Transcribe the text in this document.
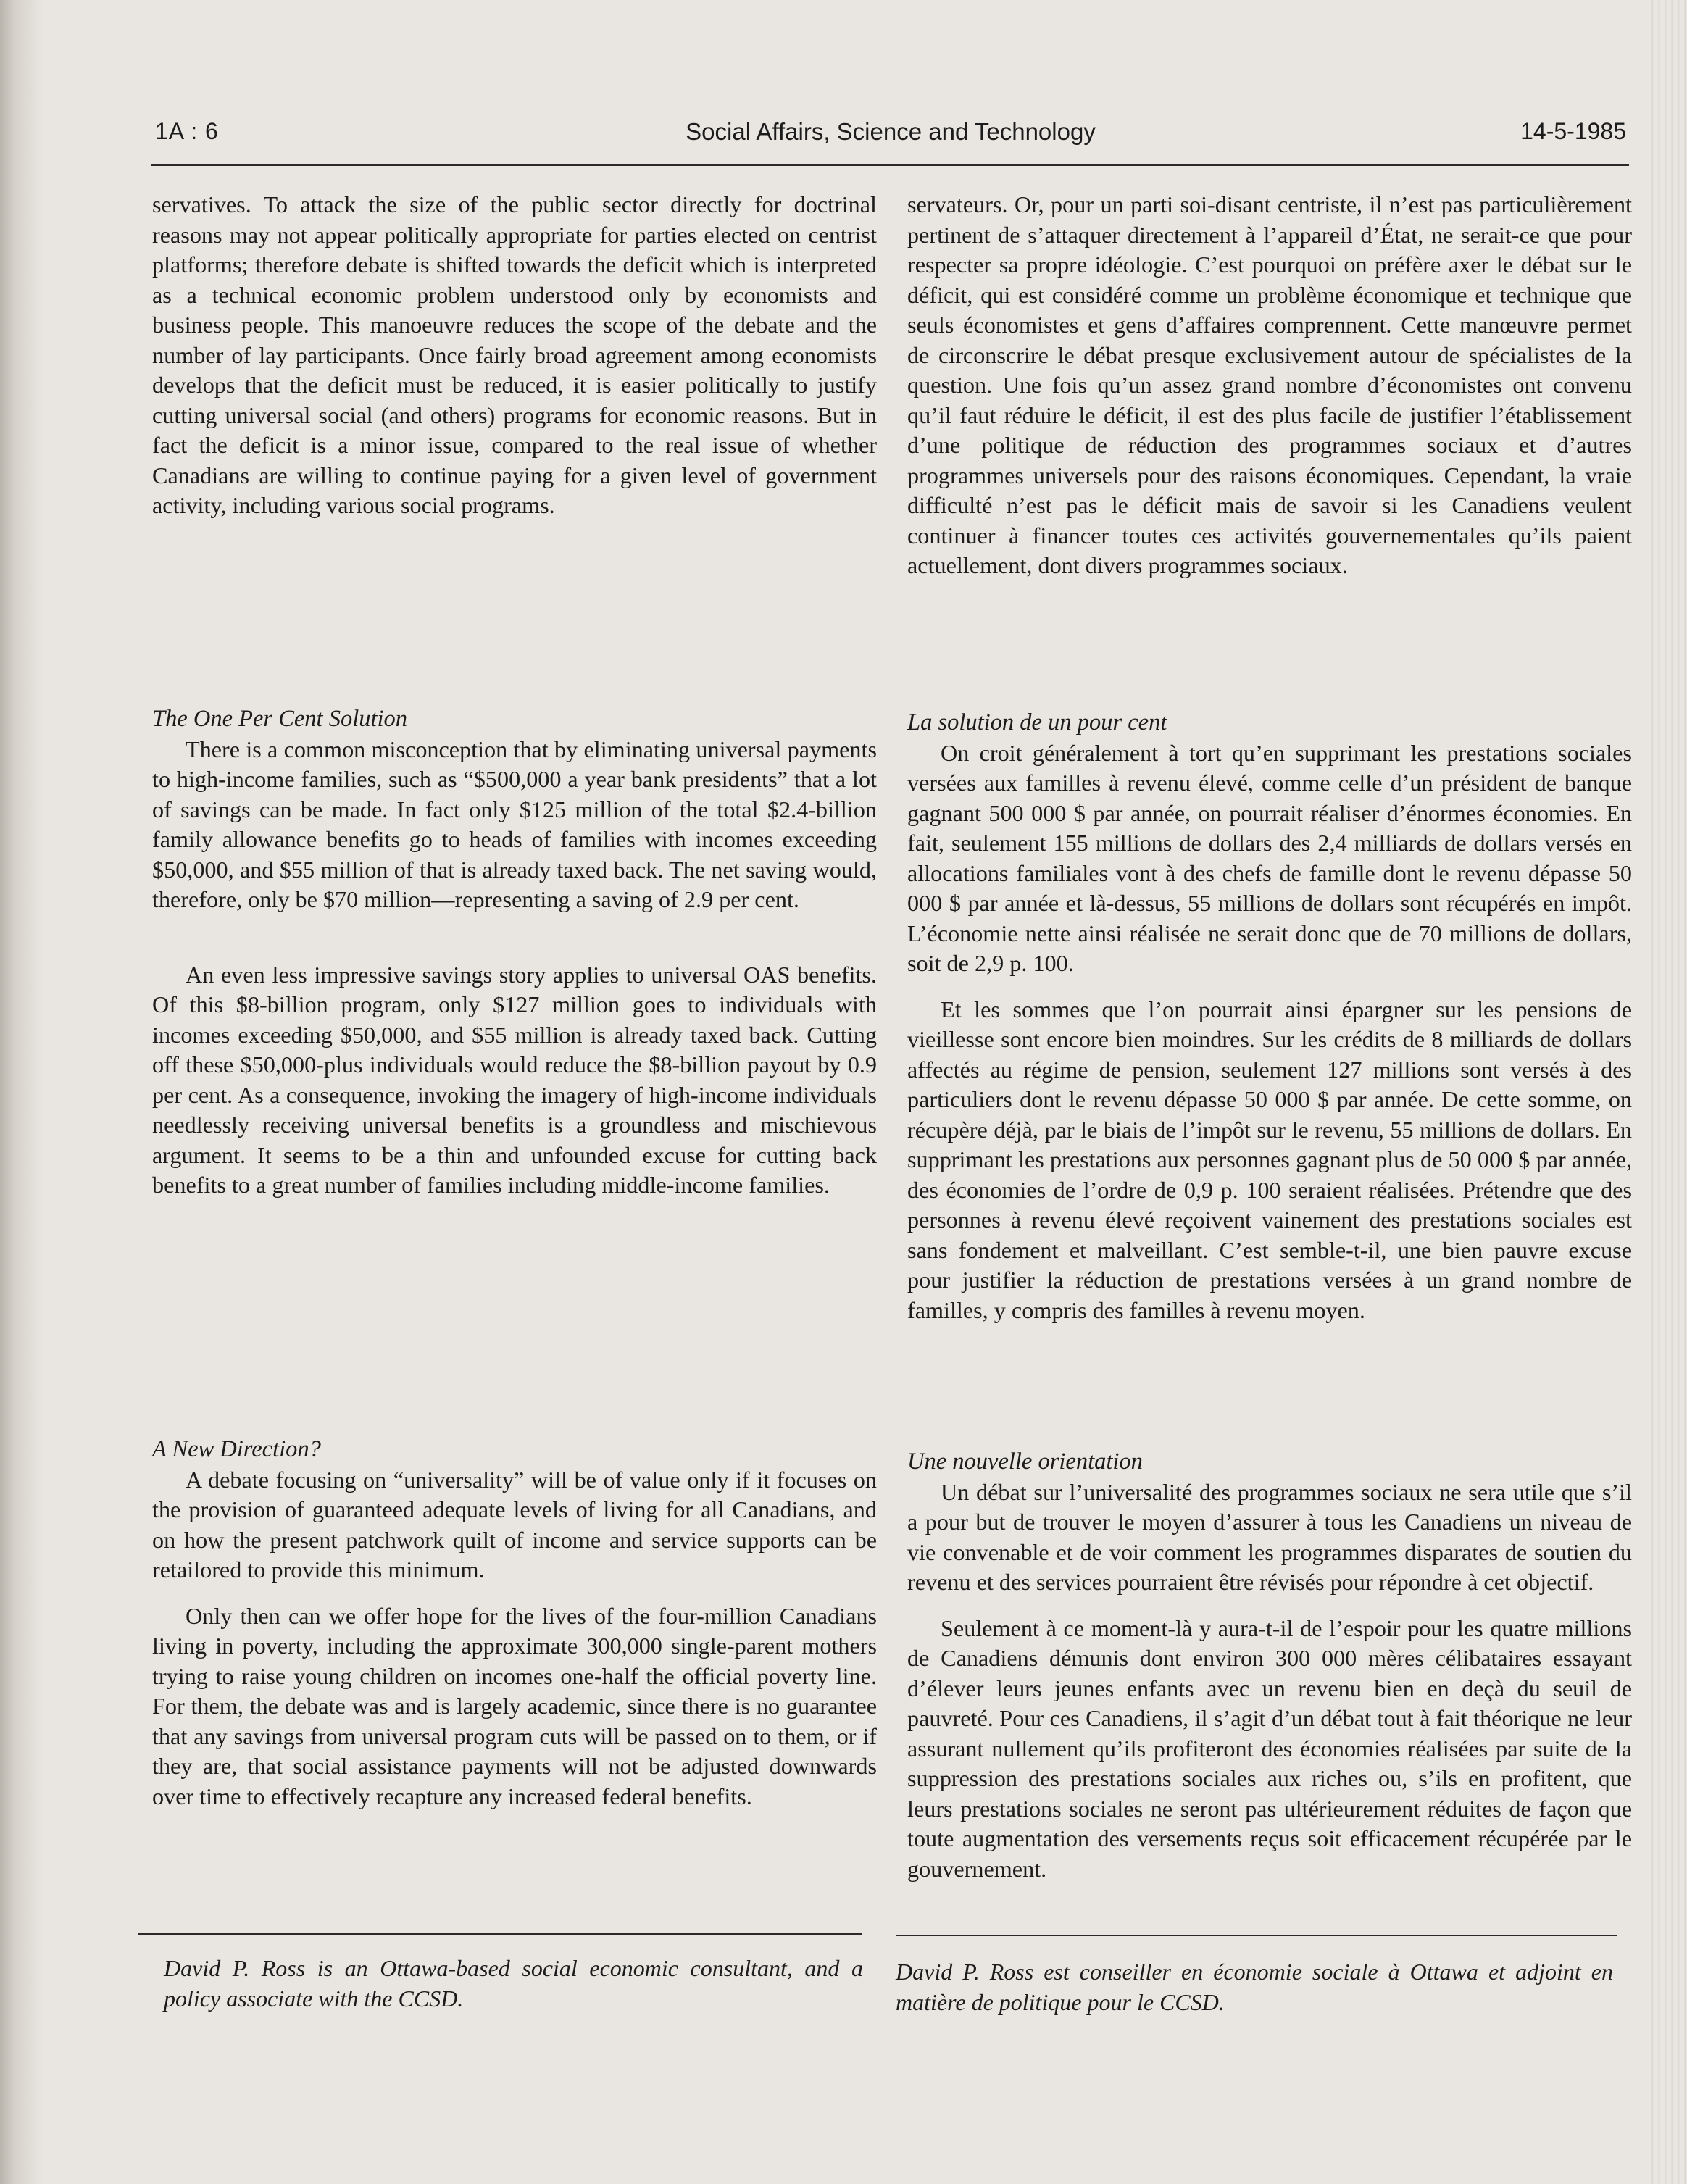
1A : 6	Social Affairs, Science and Technology	14-5-1985

servatives. To attack the size of the public sector directly for doctrinal reasons may not appear politically appropriate for parties elected on centrist platforms; therefore debate is shifted towards the deficit which is interpreted as a technical economic problem understood only by economists and business people. This manoeuvre reduces the scope of the debate and the number of lay participants. Once fairly broad agreement among economists develops that the deficit must be reduced, it is easier politically to justify cutting universal social (and others) programs for economic reasons. But in fact the deficit is a minor issue, compared to the real issue of whether Canadians are willing to continue paying for a given level of government activity, including various social programs.

The One Per Cent Solution

There is a common misconception that by eliminating universal payments to high-income families, such as “$500,000 a year bank presidents” that a lot of savings can be made. In fact only $125 million of the total $2.4-billion family allowance benefits go to heads of families with incomes exceeding $50,000, and $55 million of that is already taxed back. The net saving would, therefore, only be $70 million—representing a saving of 2.9 per cent.

An even less impressive savings story applies to universal OAS benefits. Of this $8-billion program, only $127 million goes to individuals with incomes exceeding $50,000, and $55 million is already taxed back. Cutting off these $50,000-plus individuals would reduce the $8-billion payout by 0.9 per cent. As a consequence, invoking the imagery of high-income individuals needlessly receiving universal benefits is a groundless and mischievous argument. It seems to be a thin and unfounded excuse for cutting back benefits to a great number of families including middle-income families.

A New Direction?

A debate focusing on “universality” will be of value only if it focuses on the provision of guaranteed adequate levels of living for all Canadians, and on how the present patchwork quilt of income and service supports can be retailored to provide this minimum.

Only then can we offer hope for the lives of the four-million Canadians living in poverty, including the approximate 300,000 single-parent mothers trying to raise young children on incomes one-half the official poverty line. For them, the debate was and is largely academic, since there is no guarantee that any savings from universal program cuts will be passed on to them, or if they are, that social assistance payments will not be adjusted downwards over time to effectively recapture any increased federal benefits.

servateurs. Or, pour un parti soi-disant centriste, il n’est pas particulièrement pertinent de s’attaquer directement à l’appareil d’État, ne serait-ce que pour respecter sa propre idéologie. C’est pourquoi on préfère axer le débat sur le déficit, qui est considéré comme un problème économique et technique que seuls économistes et gens d’affaires comprennent. Cette manœuvre permet de circonscrire le débat presque exclusivement autour de spécialistes de la question. Une fois qu’un assez grand nombre d’économistes ont convenu qu’il faut réduire le déficit, il est des plus facile de justifier l’établissement d’une politique de réduction des programmes sociaux et d’autres programmes universels pour des raisons économiques. Cependant, la vraie difficulté n’est pas le déficit mais de savoir si les Canadiens veulent continuer à financer toutes ces activités gouvernementales qu’ils paient actuellement, dont divers programmes sociaux.

La solution de un pour cent

On croit généralement à tort qu’en supprimant les prestations sociales versées aux familles à revenu élevé, comme celle d’un président de banque gagnant 500 000 $ par année, on pourrait réaliser d’énormes économies. En fait, seulement 155 millions de dollars des 2,4 milliards de dollars versés en allocations familiales vont à des chefs de famille dont le revenu dépasse 50 000 $ par année et là-dessus, 55 millions de dollars sont récupérés en impôt. L’économie nette ainsi réalisée ne serait donc que de 70 millions de dollars, soit de 2,9 p. 100.

Et les sommes que l’on pourrait ainsi épargner sur les pensions de vieillesse sont encore bien moindres. Sur les crédits de 8 milliards de dollars affectés au régime de pension, seulement 127 millions sont versés à des particuliers dont le revenu dépasse 50 000 $ par année. De cette somme, on récupère déjà, par le biais de l’impôt sur le revenu, 55 millions de dollars. En supprimant les prestations aux personnes gagnant plus de 50 000 $ par année, des économies de l’ordre de 0,9 p. 100 seraient réalisées. Prétendre que des personnes à revenu élevé reçoivent vainement des prestations sociales est sans fondement et malveillant. C’est semble-t-il, une bien pauvre excuse pour justifier la réduction de prestations versées à un grand nombre de familles, y compris des familles à revenu moyen.

Une nouvelle orientation

Un débat sur l’universalité des programmes sociaux ne sera utile que s’il a pour but de trouver le moyen d’assurer à tous les Canadiens un niveau de vie convenable et de voir comment les programmes disparates de soutien du revenu et des services pourraient être révisés pour répondre à cet objectif.

Seulement à ce moment-là y aura-t-il de l’espoir pour les quatre millions de Canadiens démunis dont environ 300 000 mères célibataires essayant d’élever leurs jeunes enfants avec un revenu bien en deçà du seuil de pauvreté. Pour ces Canadiens, il s’agit d’un débat tout à fait théorique ne leur assurant nullement qu’ils profiteront des économies réalisées par suite de la suppression des prestations sociales aux riches ou, s’ils en profitent, que leurs prestations sociales ne seront pas ultérieurement réduites de façon que toute augmentation des versements reçus soit efficacement récupérée par le gouvernement.

David P. Ross is an Ottawa-based social economic consultant, and a policy associate with the CCSD.
David P. Ross est conseiller en économie sociale à Ottawa et adjoint en matière de politique pour le CCSD.
